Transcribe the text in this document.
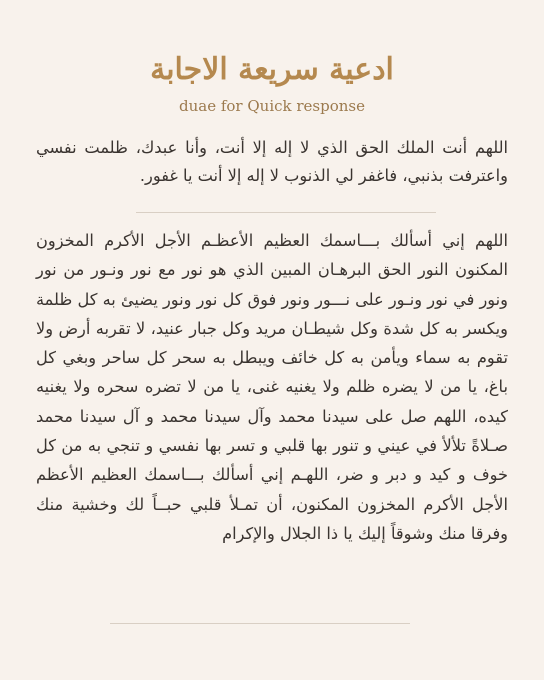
ادعية سريعة الاجابة
duae for Quick response
اللهم أنت الملك الحق الذي لا إله إلا أنت، وأنا عبدك، ظلمت نفسي واعترفت بذنبي، فاغفر لي الذنوب لا إله إلا أنت يا غفور.
اللهم إني أسألك بـــاسمك العظيم الأعظـم الأجل الأكرم المخزون المكنون النور الحق البرهـان المبين الذي هو نور مع نور ونـور من نور ونور في نور ونـور على نـــور ونور فوق كل نور ونور يضيئ به كل ظلمة ويكسر به كل شدة وكل شيطـان مريد وكل جبار عنيد، لا تقربه أرض ولا تقوم به سماء ويأمن به كل خائف ويبطل به سحر كل ساحر وبغي كل باغ، يا من لا يضره ظلم ولا يغنيه غنى، يا من لا تضره سحره ولا يغنيه كيده، اللهم صل على سيدنا محمد وآل سيدنا محمد و آل سيدنا محمد صـلاةً تلألأ في عيني و تنور بها قلبي و تسر بها نفسي و تنجي به من كل خوف و كيد و دبر و ضر، اللهـم إني أسألك بـــاسمك العظيم الأعظم الأجل الأكرم المخزون المكنون، أن تمـلأ قلبي حبــاً لك وخشية منك وفرقا منك وشوقاً إليك يا ذا الجلال والإكرام
